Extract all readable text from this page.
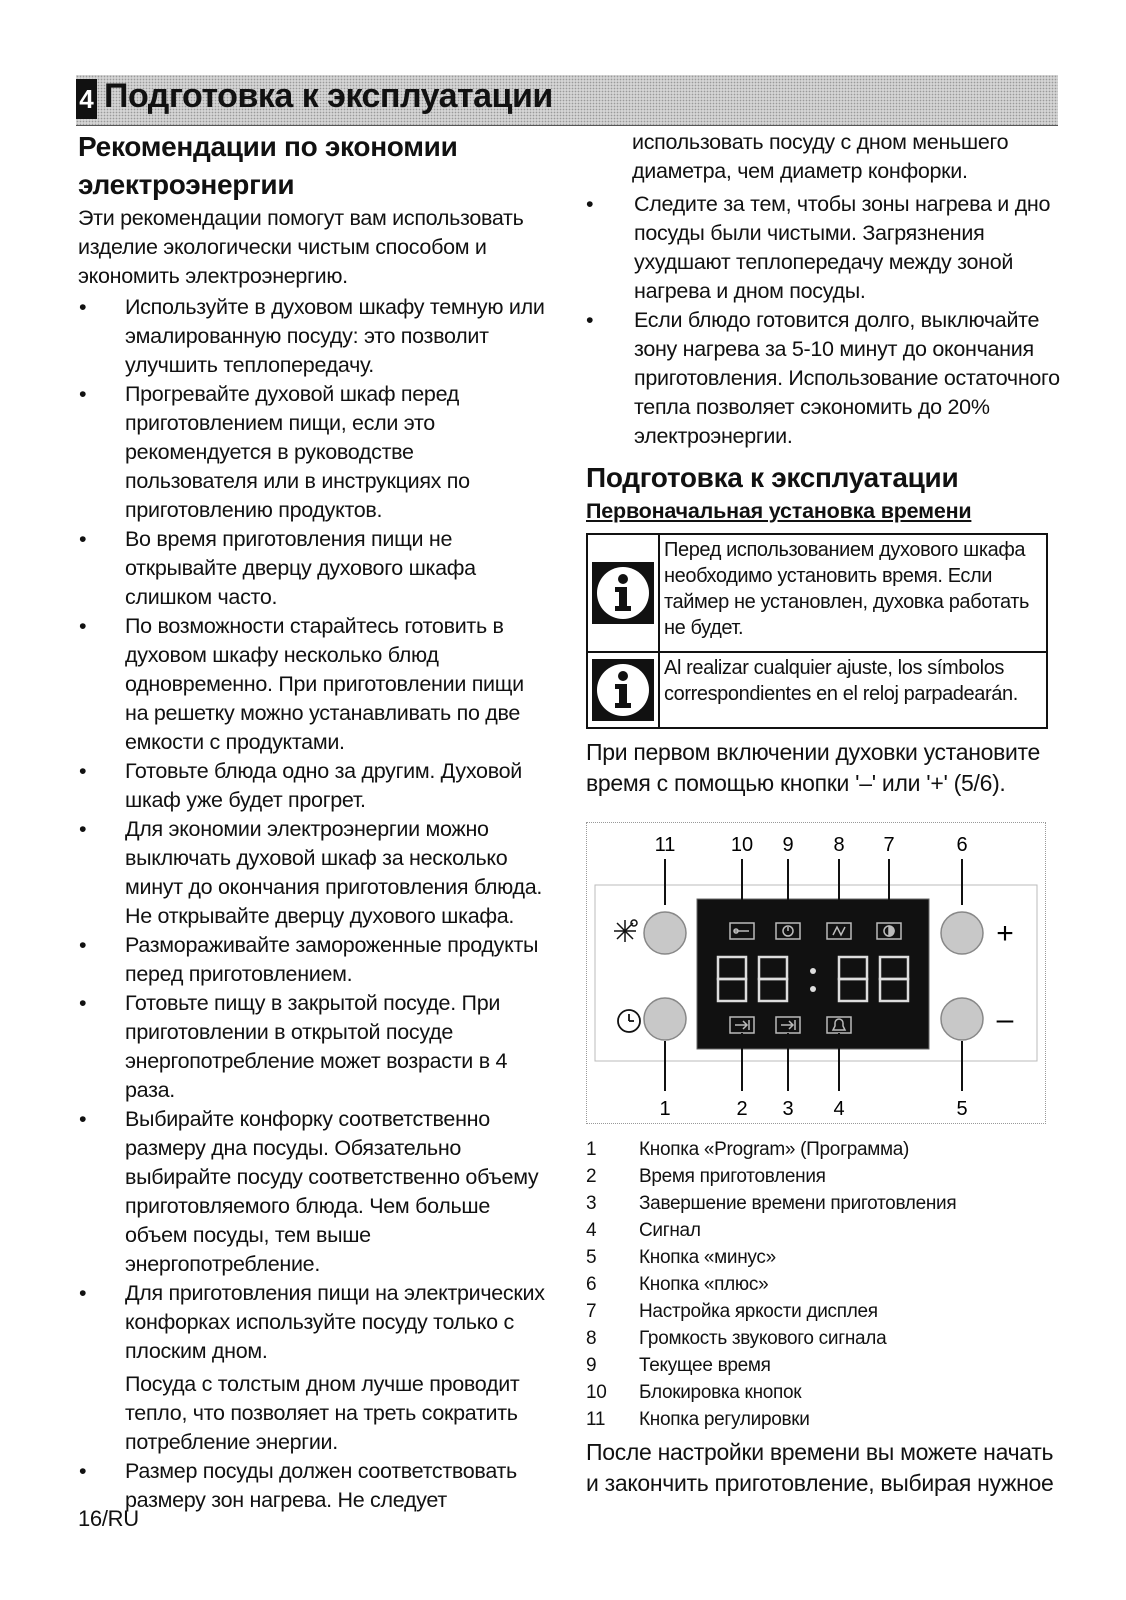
4 Подготовка к эксплуатации
Рекомендации по экономии электроэнергии

Эти рекомендации помогут вам использовать изделие экологически чистым способом и экономить электроэнергию.

• Используйте в духовом шкафу темную или эмалированную посуду: это позволит улучшить теплопередачу.
• Прогревайте духовой шкаф перед приготовлением пищи, если это рекомендуется в руководстве пользователя или в инструкциях по приготовлению продуктов.
• Во время приготовления пищи не открывайте дверцу духового шкафа слишком часто.
• По возможности старайтесь готовить в духовом шкафу несколько блюд одновременно. При приготовлении пищи на решетку можно устанавливать по две емкости с продуктами.
• Готовьте блюда одно за другим. Духовой шкаф уже будет прогрет.
• Для экономии электроэнергии можно выключать духовой шкаф за несколько минут до окончания приготовления блюда. Не открывайте дверцу духового шкафа.
• Размораживайте замороженные продукты перед приготовлением.
• Готовьте пищу в закрытой посуде. При приготовлении в открытой посуде энергопотребление может возрасти в 4 раза.
• Выбирайте конфорку соответственно размеру дна посуды. Обязательно выбирайте посуду соответственно объему приготовляемого блюда. Чем больше объем посуды, тем выше энергопотребление.
• Для приготовления пищи на электрических конфорках используйте посуду только с плоским дном.
Посуда с толстым дном лучше проводит тепло, что позволяет на треть сократить потребление энергии.
• Размер посуды должен соответствовать размеру зон нагрева. Не следует

использовать посуду с дном меньшего диаметра, чем диаметр конфорки.

• Следите за тем, чтобы зоны нагрева и дно посуды были чистыми. Загрязнения ухудшают теплопередачу между зоной нагрева и дном посуды.
• Если блюдо готовится долго, выключайте зону нагрева за 5-10 минут до окончания приготовления. Использование остаточного тепла позволяет сэкономить до 20% электроэнергии.
Подготовка к эксплуатации
Первоначальная установка времени
Перед использованием духового шкафа необходимо установить время. Если таймер не установлен, духовка работать не будет.
Al realizar cualquier ajuste, los símbolos correspondientes en el reloj parpadearán.

При первом включении духовки установите время с помощью кнопки '–' или '+' (5/6).

11	10 9 8 7	6
+
–
1	2 3 4	5
1	Кнопка «Program» (Программа)
2	Время приготовления
3	Завершение времени приготовления
4	Сигнал
5	Кнопка «минус»
6	Кнопка «плюс»
7	Настройка яркости дисплея
8	Громкость звукового сигнала
9	Текущее время
10	Блокировка кнопок
11	Кнопка регулировки

После настройки времени вы можете начать и закончить приготовление, выбирая нужное

16/RU
